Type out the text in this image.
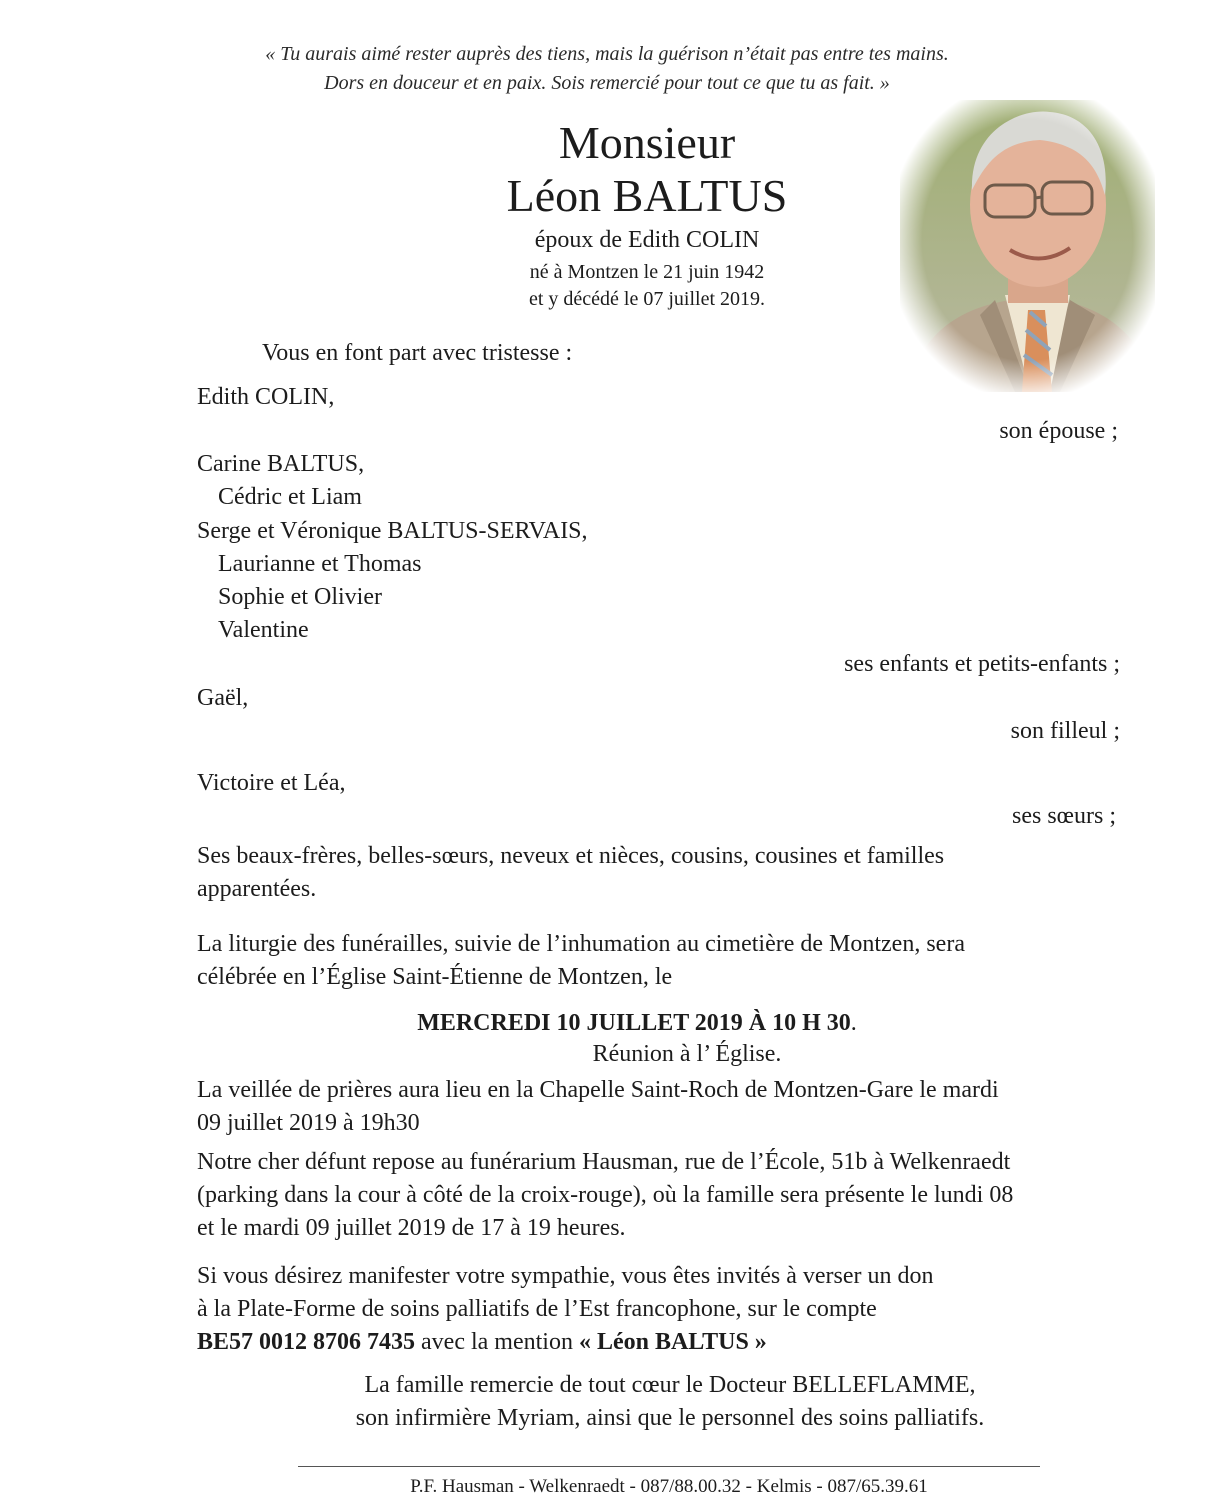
« Tu aurais aimé rester auprès des tiens, mais la guérison n’était pas entre tes mains.
Dors en douceur et en paix. Sois remercié pour tout ce que tu as fait. »
Monsieur
Léon BALTUS
époux de Edith COLIN
né à Montzen le 21 juin 1942
et y décédé le 07 juillet 2019.
Vous en font part avec tristesse :
Edith COLIN,
son épouse ;
Carine BALTUS,
Cédric et Liam
Serge et Véronique BALTUS-SERVAIS,
Laurianne et Thomas
Sophie et Olivier
Valentine
ses enfants et petits-enfants ;
Gaël,
son filleul ;
Victoire et Léa,
ses sœurs ;
Ses beaux-frères, belles-sœurs, neveux et nièces, cousins, cousines et familles
apparentées.
La liturgie des funérailles, suivie de l’inhumation au cimetière de Montzen, sera
célébrée en l’Église Saint-Étienne de Montzen, le
MERCREDI 10 JUILLET 2019 À 10 H 30.
Réunion à l’ Église.
La veillée de prières aura lieu en la Chapelle Saint-Roch de Montzen-Gare le mardi
09 juillet 2019 à 19h30
Notre cher défunt repose au funérarium Hausman, rue de l’École, 51b à Welkenraedt
(parking dans la cour à côté de la croix-rouge), où la famille sera présente le lundi 08
et le mardi 09 juillet 2019 de 17 à 19 heures.
Si vous désirez manifester votre sympathie, vous êtes invités à verser un don
à la Plate-Forme de soins palliatifs de l’Est francophone, sur le compte
BE57 0012 8706 7435 avec la mention « Léon BALTUS »
La famille remercie de tout cœur le Docteur BELLEFLAMME,
son infirmière Myriam, ainsi que le personnel des soins palliatifs.
P.F. Hausman - Welkenraedt - 087/88.00.32 - Kelmis - 087/65.39.61
